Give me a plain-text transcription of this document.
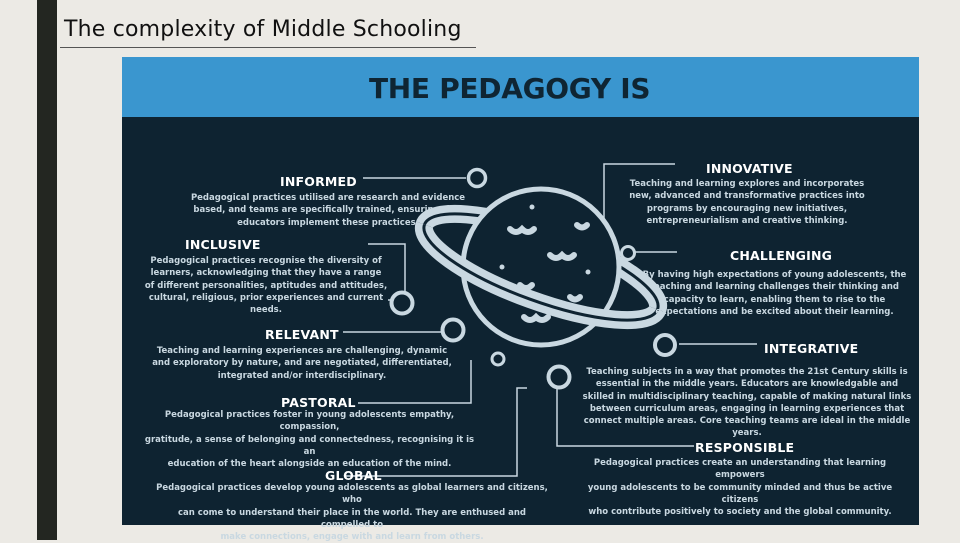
The complexity of Middle Schooling
THE PEDAGOGY IS
INFORMED
Pedagogical practices utilised are research and evidence
based, and teams are specifically trained, ensuring that
educators implement these practices.
INCLUSIVE
Pedagogical practices recognise the diversity of
learners, acknowledging that they have a range
of different personalities, aptitudes and attitudes,
cultural, religious, prior experiences and current needs.
RELEVANT
Teaching and learning experiences are challenging, dynamic
and exploratory by nature, and are negotiated, differentiated,
integrated and/or interdisciplinary.
PASTORAL
Pedagogical practices foster in young adolescents empathy, compassion,
gratitude, a sense of belonging and connectedness, recognising it is an
education of the heart alongside an education of the mind.
GLOBAL
Pedagogical practices develop young adolescents as global learners and citizens, who
can come to understand their place in the world. They are enthused and compelled to
make connections, engage with and learn from others.
INNOVATIVE
Teaching and learning explores and incorporates
new, advanced and transformative practices into
programs by encouraging new initiatives,
entrepreneurialism and creative thinking.
CHALLENGING
By having high expectations of young adolescents, the
teaching and learning challenges their thinking and
capacity to learn, enabling them to rise to the
expectations and be excited about their learning.
INTEGRATIVE
Teaching subjects in a way that promotes the 21st Century skills is
essential in the middle years. Educators are knowledgable and
skilled in multidisciplinary teaching, capable of making natural links
between curriculum areas, engaging in learning experiences that
connect multiple areas. Core teaching teams are ideal in the middle years.
RESPONSIBLE
Pedagogical practices create an understanding that learning empowers
young adolescents to be community minded and thus be active citizens
who contribute positively to society and the global community.
